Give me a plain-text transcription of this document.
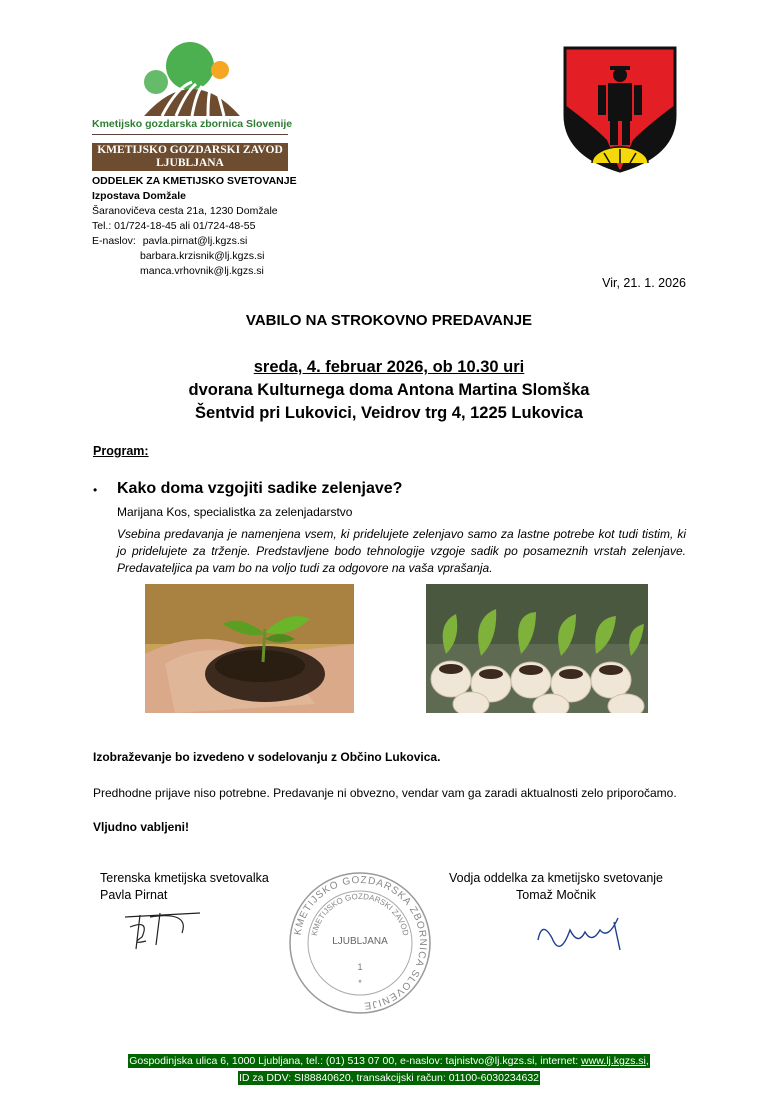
Kmetijsko gozdarska zbornica Slovenije
KMETIJSKO GOZDARSKI ZAVOD
LJUBLJANA
ODDELEK ZA KMETIJSKO SVETOVANJE
Izpostava Domžale
Šaranovičeva cesta 21a, 1230 Domžale
Tel.: 01/724-18-45 ali 01/724-48-55
E-naslov: pavla.pirnat@lj.kgzs.si
barbara.krzisnik@lj.kgzs.si
manca.vrhovnik@lj.kgzs.si
Vir, 21. 1. 2026
VABILO NA STROKOVNO PREDAVANJE
sreda, 4. februar 2026, ob 10.30 uri
dvorana Kulturnega doma Antona Martina Slomška
Šentvid pri Lukovici, Veidrov trg 4, 1225 Lukovica
Program:
• Kako doma vzgojiti sadike zelenjave?
Marijana Kos, specialistka za zelenjadarstvo
Vsebina predavanja je namenjena vsem, ki pridelujete zelenjavo samo za lastne potrebe kot tudi tistim, ki jo pridelujete za trženje. Predstavljene bodo tehnologije vzgoje sadik po posameznih vrstah zelenjave. Predavateljica pa vam bo na voljo tudi za odgovore na vaša vprašanja.
Izobraževanje bo izvedeno v sodelovanju z Občino Lukovica.
Predhodne prijave niso potrebne. Predavanje ni obvezno, vendar vam ga zaradi aktualnosti zelo priporočamo.
Vljudno vabljeni!
Terenska kmetijska svetovalka
Pavla Pirnat
KMETIJSKO GOZDARSKA ZBORNICA SLOVENIJE
KMETIJSKO GOZDARSKI ZAVOD
LJUBLJANA
1
*
Vodja oddelka za kmetijsko svetovanje
Tomaž Močnik
Gospodinjska ulica 6, 1000 Ljubljana, tel.: (01) 513 07 00, e-naslov: tajnistvo@lj.kgzs.si, internet: www.lj.kgzs.si,
ID za DDV: SI88840620, transakcijski račun: 01100-6030234632
